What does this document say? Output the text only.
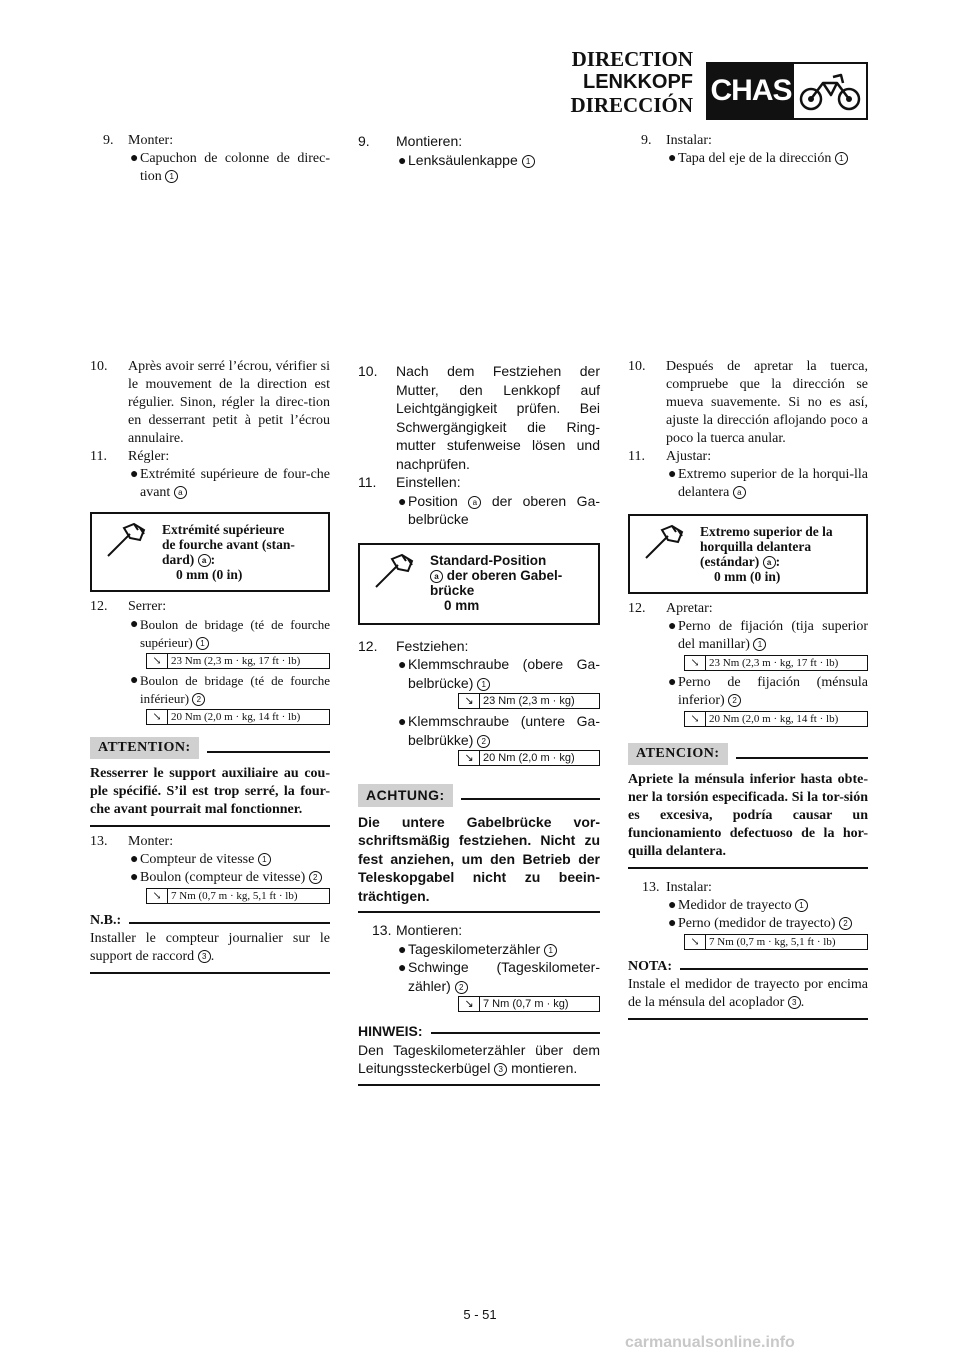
DIRECTION
LENKKOPF
DIRECCIÓN CHAS
9.	Monter:
● Capuchon de colonne de direc-tion 1
10.	Après avoir serré l’écrou, vérifier si le mouvement de la direction est régulier. Sinon, régler la direc-tion en desserrant petit à petit l’écrou annulaire.
11.	Régler:
● Extrémité supérieure de four-che avant a
Extrémité supérieure
de fourche avant (stan-
dard) a :
0 mm (0 in)
12.	Serrer:
● Boulon de bridage (té de fourche supérieur) 1
↘ 23 Nm (2,3 m · kg, 17 ft · lb)
● Boulon de bridage (té de fourche inférieur) 2
↘ 20 Nm (2,0 m · kg, 14 ft · lb)
ATTENTION:
Resserrer le support auxiliaire au cou-ple spécifié. S’il est trop serré, la four-che avant pourrait mal fonctionner.
13.	Monter:
● Compteur de vitesse 1
● Boulon (compteur de vitesse) 2
↘ 7 Nm (0,7 m · kg, 5,1 ft · lb)
N.B.:
Installer le compteur journalier sur le support de raccord 3 .
9.	Montieren:
● Lenksäulenkappe 1
10.	Nach dem Festziehen der Mutter, den Lenkkopf auf Leichtgängigkeit prüfen. Bei Schwergängigkeit die Ring-mutter stufenweise lösen und nachprüfen.
11.	Einstellen:
● Position a der oberen Ga-belbrücke
Standard-Position
a der oberen Gabel-
brücke
0 mm
12.	Festziehen:
● Klemmschraube (obere Ga-belbrücke) 1
↘ 23 Nm (2,3 m · kg)
● Klemmschraube (untere Ga-belbrükke) 2
↘ 20 Nm (2,0 m · kg)
ACHTUNG:
Die untere Gabelbrücke vor-schriftsmäßig festziehen. Nicht zu fest anziehen, um den Betrieb der Teleskopgabel nicht zu beein-trächtigen.
13. Montieren:
● Tageskilometerzähler 1
● Schwinge (Tageskilometer-zähler) 2
↘ 7 Nm (0,7 m · kg)
HINWEIS:
Den Tageskilometerzähler über dem Leitungssteckerbügel 3 montieren.
9.	Instalar:
● Tapa del eje de la dirección 1
10.	Después de apretar la tuerca, compruebe que la dirección se mueva suavemente. Si no es así, ajuste la dirección aflojando poco a poco la tuerca anular.
11.	Ajustar:
● Extremo superior de la horqui-lla delantera a
Extremo superior de la
horquilla delantera
(estándar) a :
0 mm (0 in)
12.	Apretar:
● Perno de fijación (tija superior del manillar) 1
↘ 23 Nm (2,3 m · kg, 17 ft · lb)
● Perno de fijación (ménsula inferior) 2
↘ 20 Nm (2,0 m · kg, 14 ft · lb)
ATENCION:
Apriete la ménsula inferior hasta obte-ner la torsión especificada. Si la tor-sión es excesiva, podría causar un funcionamiento defectuoso de la hor-quilla delantera.
13. Instalar:
● Medidor de trayecto 1
● Perno (medidor de trayecto) 2
↘ 7 Nm (0,7 m · kg, 5,1 ft · lb)
NOTA:
Instale el medidor de trayecto por encima de la ménsula del acoplador 3 .
5 - 51
carmanualsonline.info
